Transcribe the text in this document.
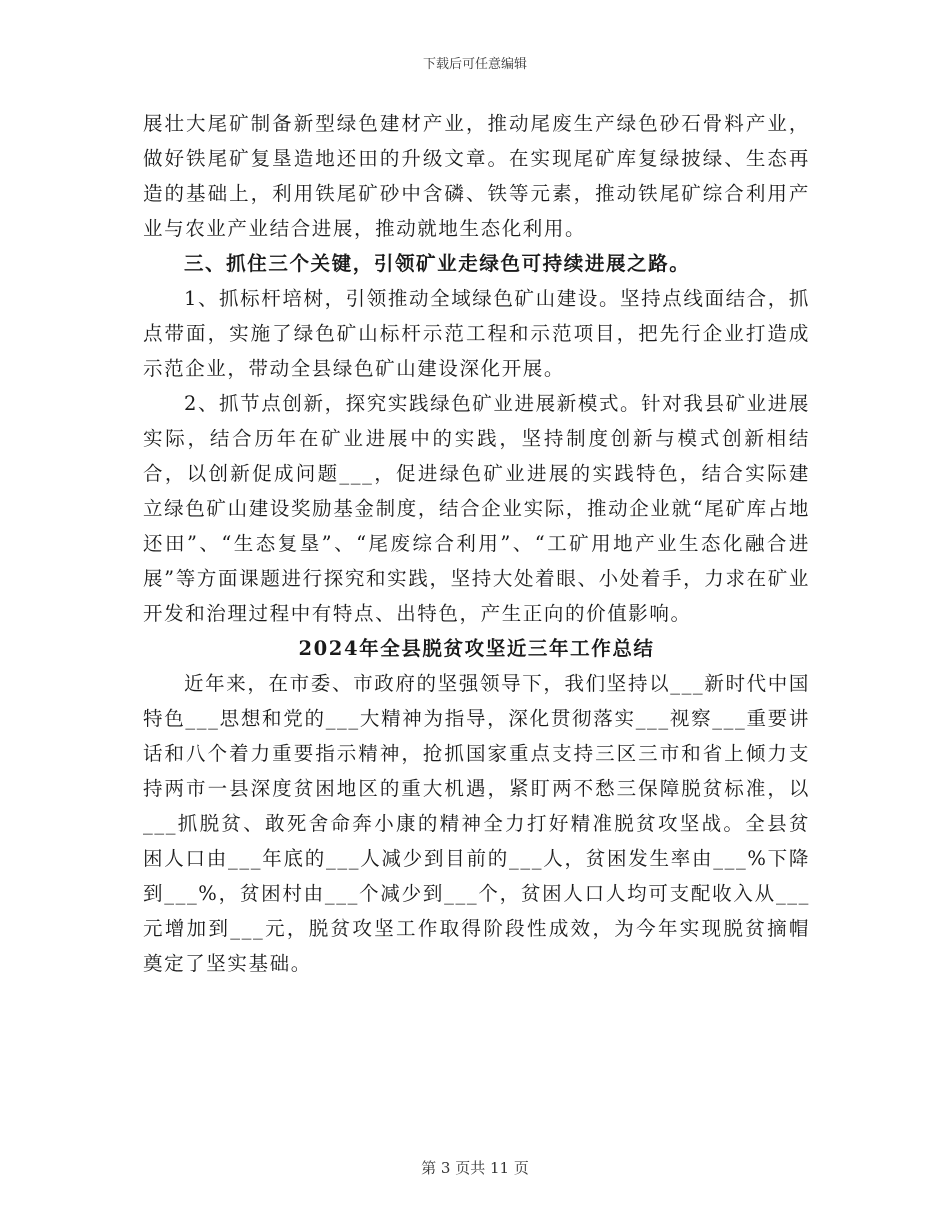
下载后可任意编辑

展壮大尾矿制备新型绿色建材产业，推动尾废生产绿色砂石骨料产业，做好铁尾矿复垦造地还田的升级文章。在实现尾矿库复绿披绿、生态再造的基础上，利用铁尾矿砂中含磷、铁等元素，推动铁尾矿综合利用产业与农业产业结合进展，推动就地生态化利用。

三、抓住三个关键，引领矿业走绿色可持续进展之路。

1、抓标杆培树，引领推动全域绿色矿山建设。坚持点线面结合，抓点带面，实施了绿色矿山标杆示范工程和示范项目，把先行企业打造成示范企业，带动全县绿色矿山建设深化开展。

2、抓节点创新，探究实践绿色矿业进展新模式。针对我县矿业进展实际，结合历年在矿业进展中的实践，坚持制度创新与模式创新相结合，以创新促成问题___，促进绿色矿业进展的实践特色，结合实际建立绿色矿山建设奖励基金制度，结合企业实际，推动企业就“尾矿库占地还田”、“生态复垦”、“尾废综合利用”、“工矿用地产业生态化融合进展”等方面课题进行探究和实践，坚持大处着眼、小处着手，力求在矿业开发和治理过程中有特点、出特色，产生正向的价值影响。

2024年全县脱贫攻坚近三年工作总结

近年来，在市委、市政府的坚强领导下，我们坚持以___新时代中国特色___思想和党的___大精神为指导，深化贯彻落实___视察___重要讲话和八个着力重要指示精神，抢抓国家重点支持三区三市和省上倾力支持两市一县深度贫困地区的重大机遇，紧盯两不愁三保障脱贫标准，以___抓脱贫、敢死舍命奔小康的精神全力打好精准脱贫攻坚战。全县贫困人口由___年底的___人减少到目前的___人，贫困发生率由___%下降到___%，贫困村由___个减少到___个，贫困人口人均可支配收入从___元增加到___元，脱贫攻坚工作取得阶段性成效，为今年实现脱贫摘帽奠定了坚实基础。

第 3 页共 11 页
